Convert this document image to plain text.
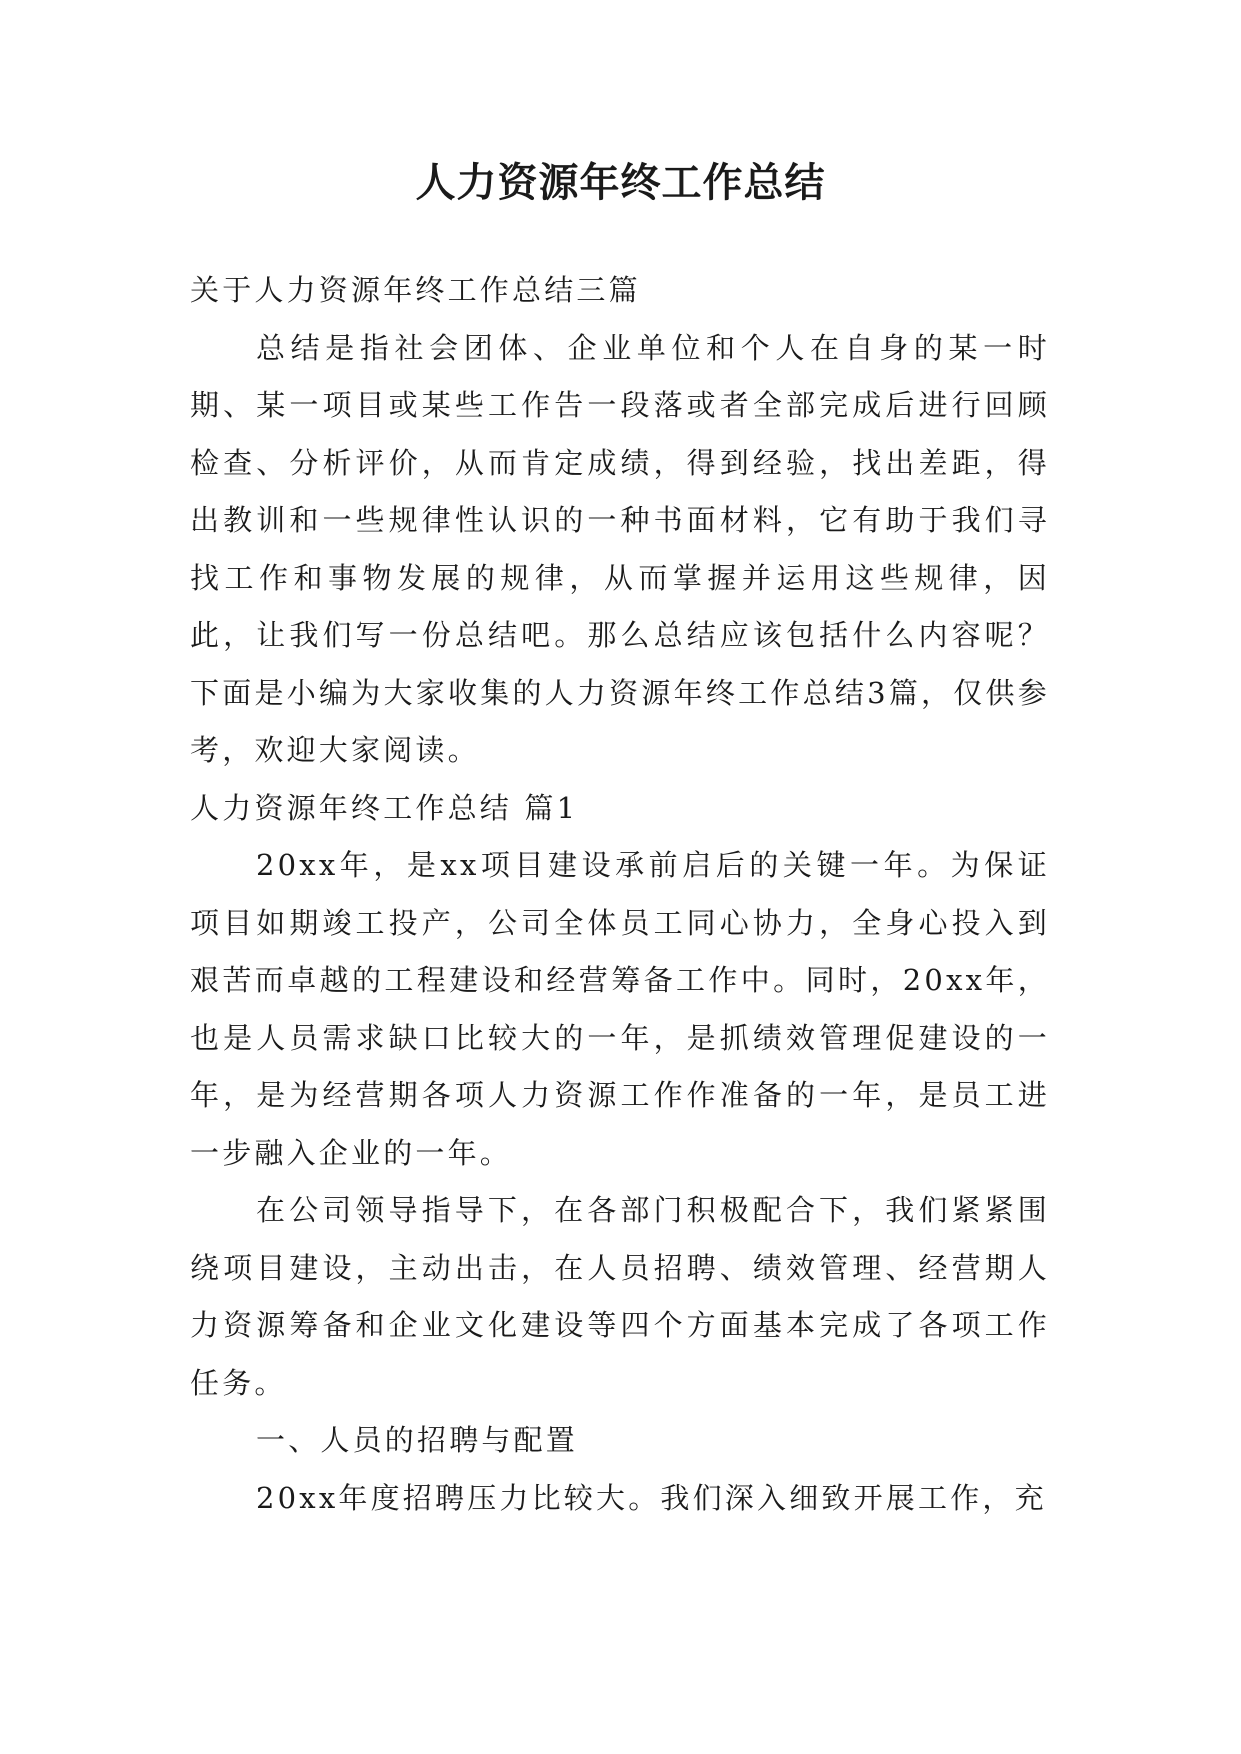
人力资源年终工作总结

关于人力资源年终工作总结三篇

总结是指社会团体、企业单位和个人在自身的某一时期、某一项目或某些工作告一段落或者全部完成后进行回顾检查、分析评价，从而肯定成绩，得到经验，找出差距，得出教训和一些规律性认识的一种书面材料，它有助于我们寻找工作和事物发展的规律，从而掌握并运用这些规律，因此，让我们写一份总结吧。那么总结应该包括什么内容呢？下面是小编为大家收集的人力资源年终工作总结3篇，仅供参考，欢迎大家阅读。

人力资源年终工作总结 篇1

20xx年，是xx项目建设承前启后的关键一年。为保证项目如期竣工投产，公司全体员工同心协力，全身心投入到艰苦而卓越的工程建设和经营筹备工作中。同时，20xx年，也是人员需求缺口比较大的一年，是抓绩效管理促建设的一年，是为经营期各项人力资源工作作准备的一年，是员工进一步融入企业的一年。

在公司领导指导下，在各部门积极配合下，我们紧紧围绕项目建设，主动出击，在人员招聘、绩效管理、经营期人力资源筹备和企业文化建设等四个方面基本完成了各项工作任务。

一、人员的招聘与配置

20xx年度招聘压力比较大。我们深入细致开展工作，充
